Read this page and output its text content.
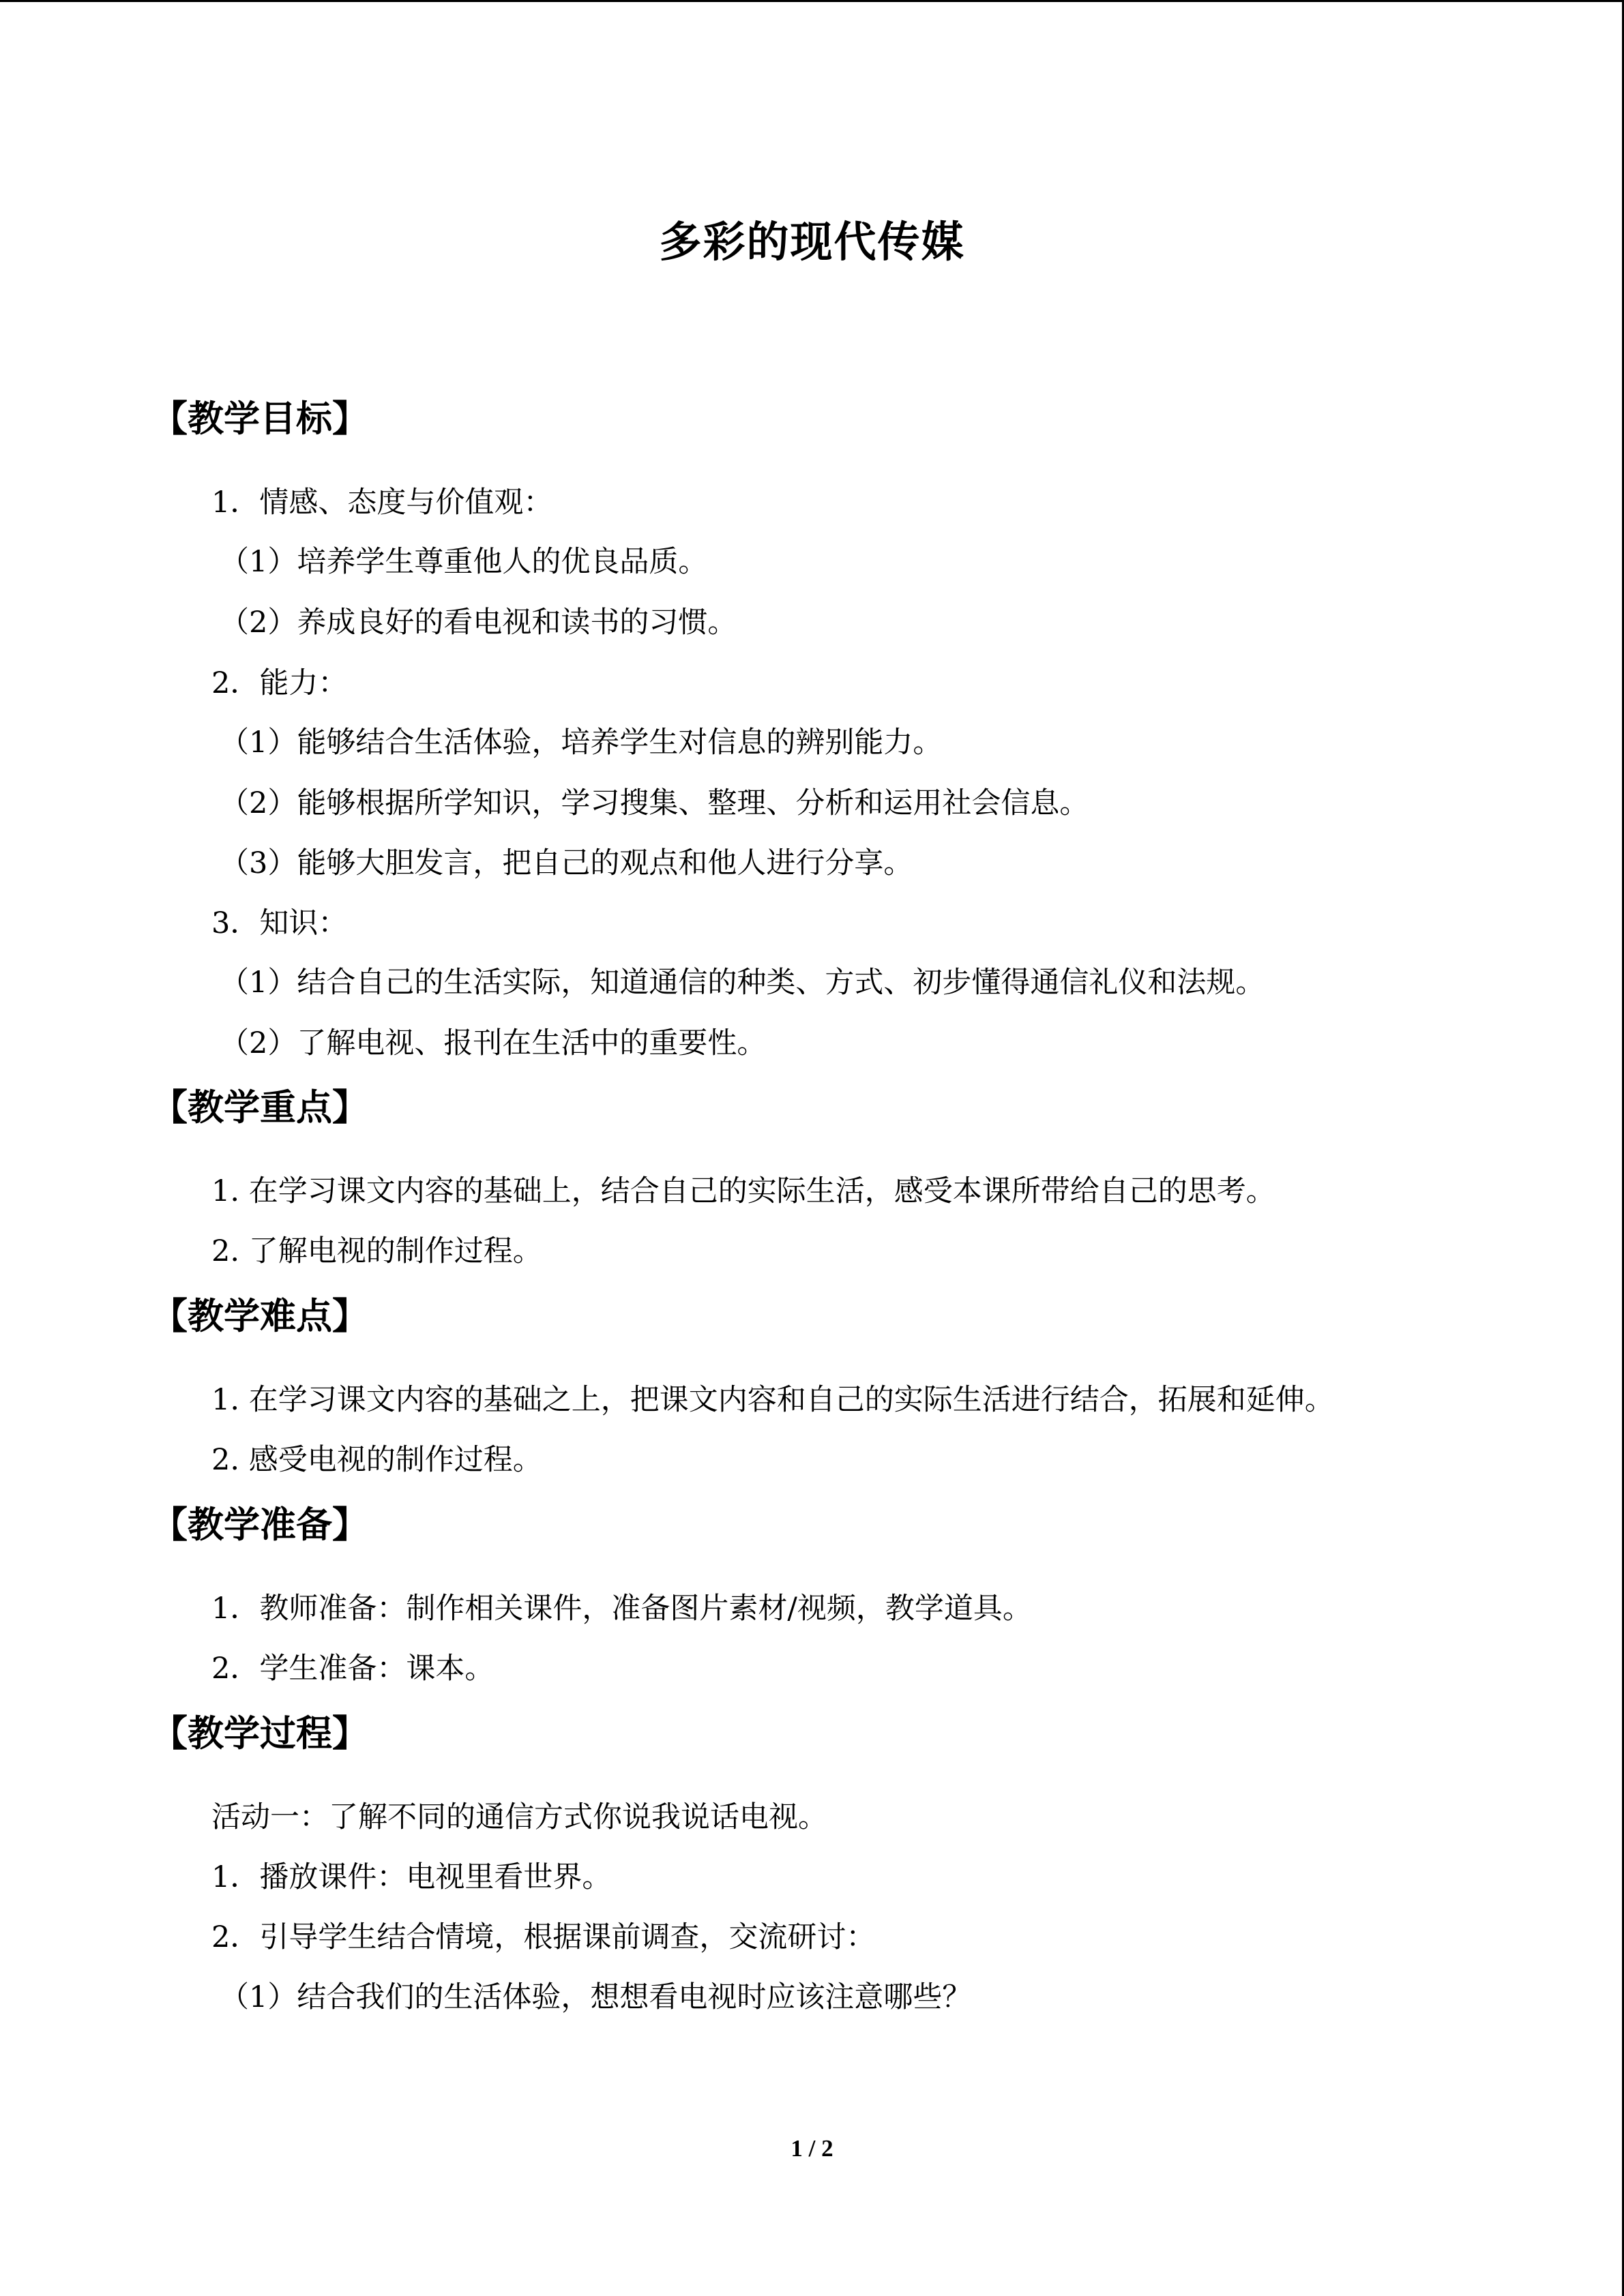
多彩的现代传媒
【教学目标】
1．情感、态度与价值观：
（1）培养学生尊重他人的优良品质。
（2）养成良好的看电视和读书的习惯。
2．能力：
（1）能够结合生活体验，培养学生对信息的辨别能力。
（2）能够根据所学知识，学习搜集、整理、分析和运用社会信息。
（3）能够大胆发言，把自己的观点和他人进行分享。
3．知识：
（1）结合自己的生活实际，知道通信的种类、方式、初步懂得通信礼仪和法规。
（2）了解电视、报刊在生活中的重要性。
【教学重点】
1. 在学习课文内容的基础上，结合自己的实际生活，感受本课所带给自己的思考。
2. 了解电视的制作过程。
【教学难点】
1. 在学习课文内容的基础之上，把课文内容和自己的实际生活进行结合，拓展和延伸。
2. 感受电视的制作过程。
【教学准备】
1．教师准备：制作相关课件，准备图片素材/视频，教学道具。
2．学生准备：课本。
【教学过程】
活动一：了解不同的通信方式你说我说话电视。
1．播放课件：电视里看世界。
2．引导学生结合情境，根据课前调查，交流研讨：
（1）结合我们的生活体验，想想看电视时应该注意哪些？
1 / 2
